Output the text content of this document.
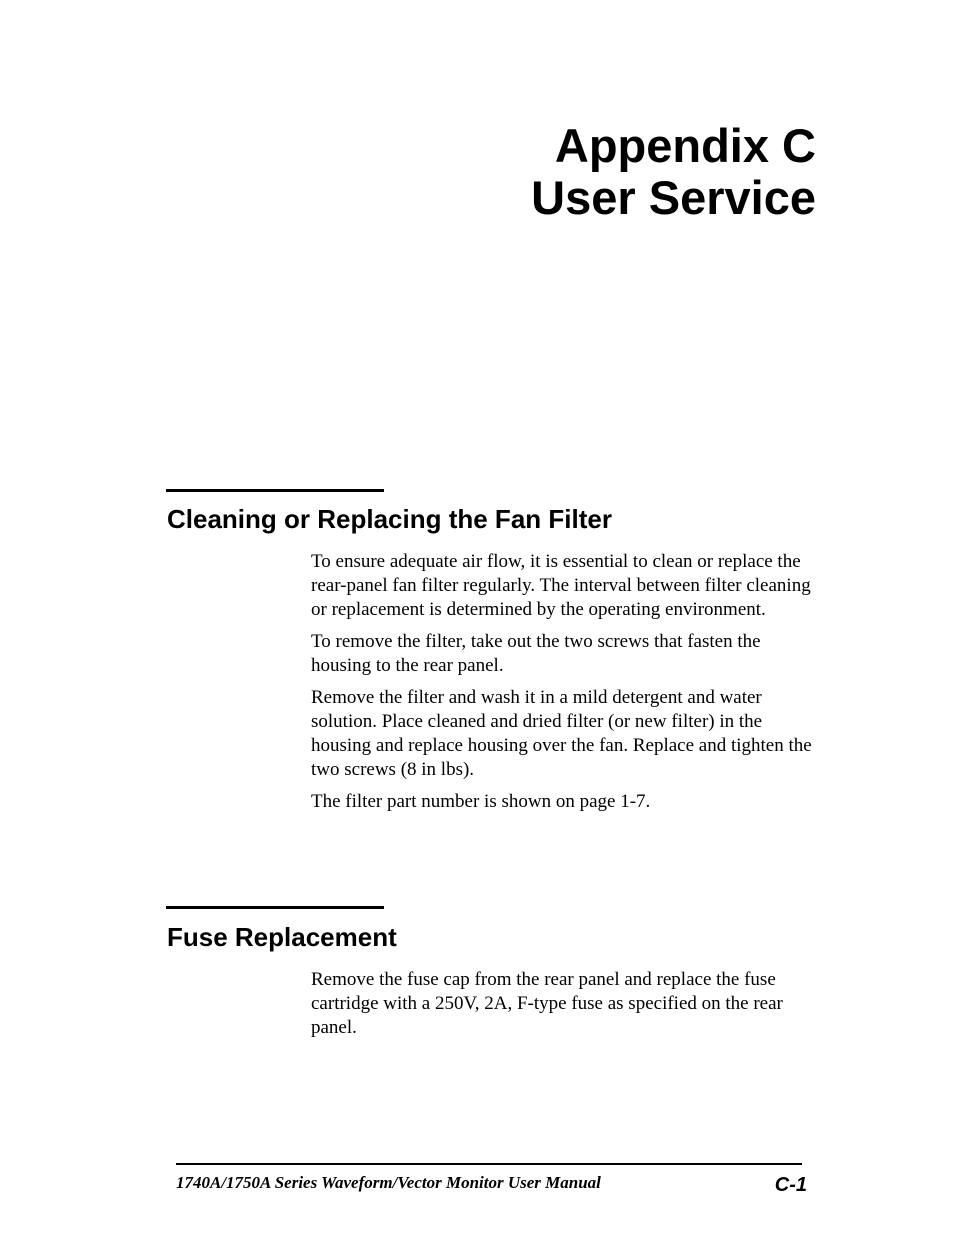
Appendix C
User Service
Cleaning or Replacing the Fan Filter

To ensure adequate air flow, it is essential to clean or replace the rear-panel fan filter regularly. The interval between filter cleaning or replacement is determined by the operating environment.

To remove the filter, take out the two screws that fasten the housing to the rear panel.

Remove the filter and wash it in a mild detergent and water solution. Place cleaned and dried filter (or new filter) in the housing and replace housing over the fan. Replace and tighten the two screws (8 in lbs).

The filter part number is shown on page 1-7.

Fuse Replacement

Remove the fuse cap from the rear panel and replace the fuse cartridge with a 250V, 2A, F-type fuse as specified on the rear panel.

1740A/1750A Series Waveform/Vector Monitor User Manual	C-1
